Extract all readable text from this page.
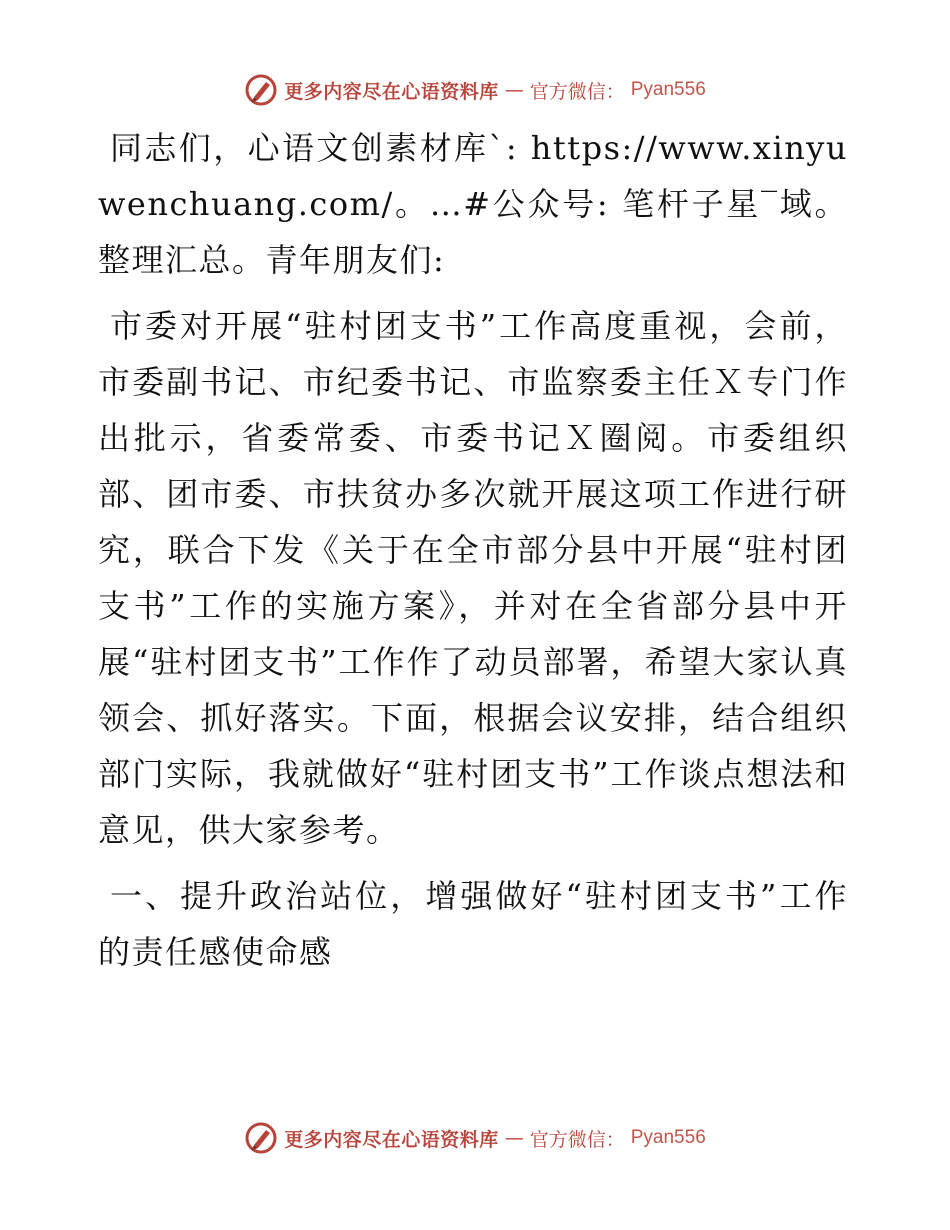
更多内容尽在心语资料库 — 官方微信： Pyan556

同志们，心语文创素材库`: https://www.xinyuwenchuang.com/。…#公众号: 笔杆子星‾域。整理汇总。青年朋友们:

市委对开展“驻村团支书”工作高度重视，会前，市委副书记、市纪委书记、市监察委主任Ｘ专门作出批示，省委常委、市委书记Ｘ圈阅。市委组织部、团市委、市扶贫办多次就开展这项工作进行研究，联合下发《关于在全市部分县中开展“驻村团支书”工作的实施方案》，并对在全省部分县中开展“驻村团支书”工作作了动员部署，希望大家认真领会、抓好落实。下面，根据会议安排，结合组织部门实际，我就做好“驻村团支书”工作谈点想法和意见，供大家参考。

一、提升政治站位，增强做好“驻村团支书”工作的责任感使命感

更多内容尽在心语资料库 — 官方微信： Pyan556
